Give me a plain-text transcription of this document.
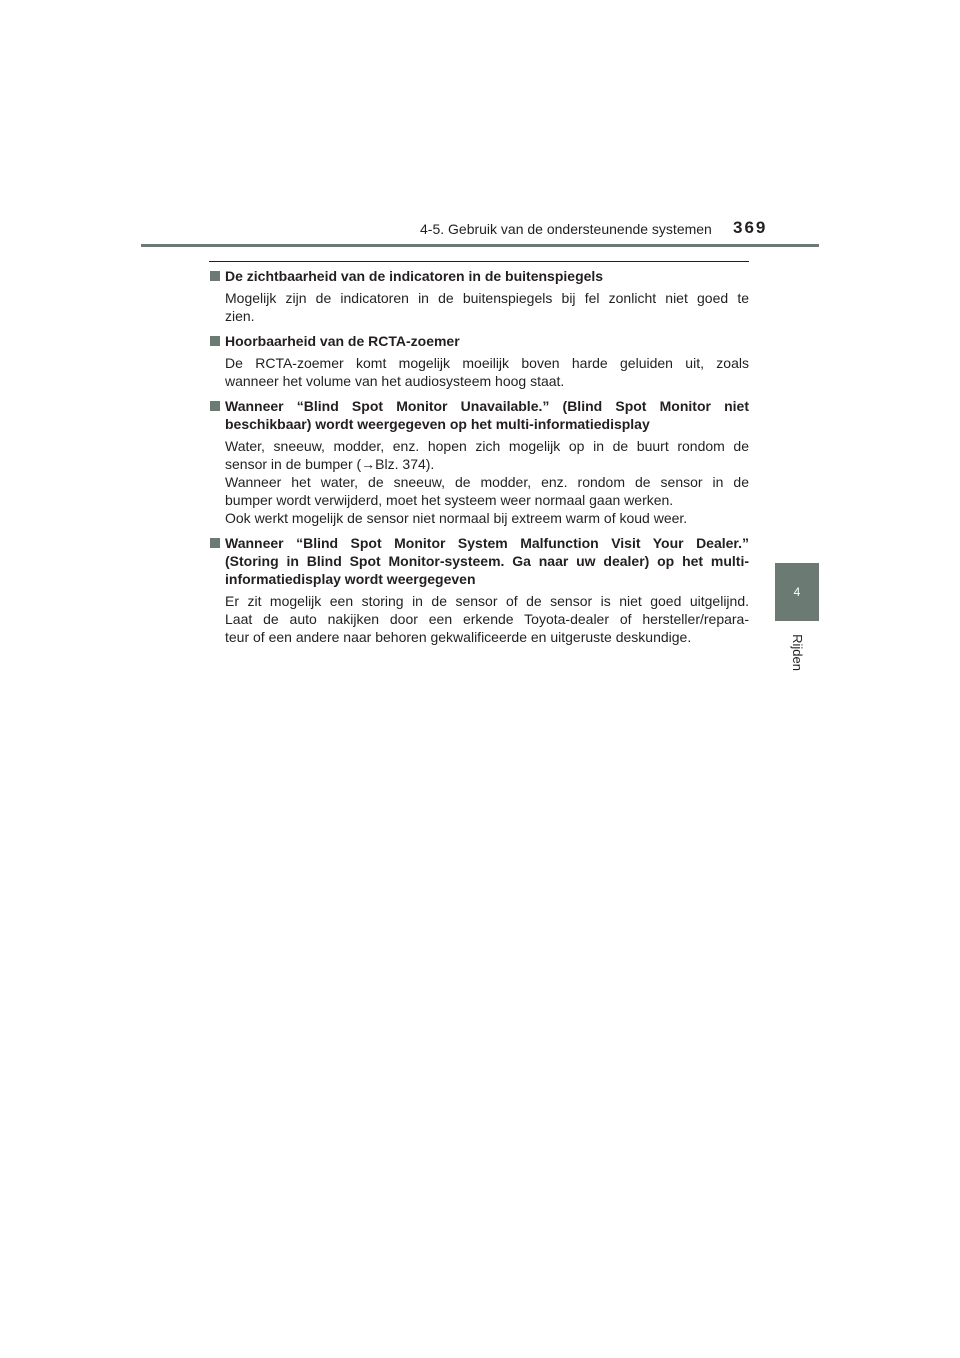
4-5. Gebruik van de ondersteunende systemen 369
4
Rijden
De zichtbaarheid van de indicatoren in de buitenspiegels
Mogelijk zijn de indicatoren in de buitenspiegels bij fel zonlicht niet goed te
zien.
Hoorbaarheid van de RCTA-zoemer
De RCTA-zoemer komt mogelijk moeilijk boven harde geluiden uit, zoals
wanneer het volume van het audiosysteem hoog staat.
Wanneer “Blind Spot Monitor Unavailable.” (Blind Spot Monitor niet
beschikbaar) wordt weergegeven op het multi-informatiedisplay
Water, sneeuw, modder, enz. hopen zich mogelijk op in de buurt rondom de
sensor in de bumper (→Blz. 374).
Wanneer het water, de sneeuw, de modder, enz. rondom de sensor in de
bumper wordt verwijderd, moet het systeem weer normaal gaan werken.
Ook werkt mogelijk de sensor niet normaal bij extreem warm of koud weer.
Wanneer “Blind Spot Monitor System Malfunction Visit Your Dealer.”
(Storing in Blind Spot Monitor-systeem. Ga naar uw dealer) op het multi-
informatiedisplay wordt weergegeven
Er zit mogelijk een storing in de sensor of de sensor is niet goed uitgelijnd.
Laat de auto nakijken door een erkende Toyota-dealer of hersteller/repara-
teur of een andere naar behoren gekwalificeerde en uitgeruste deskundige.
